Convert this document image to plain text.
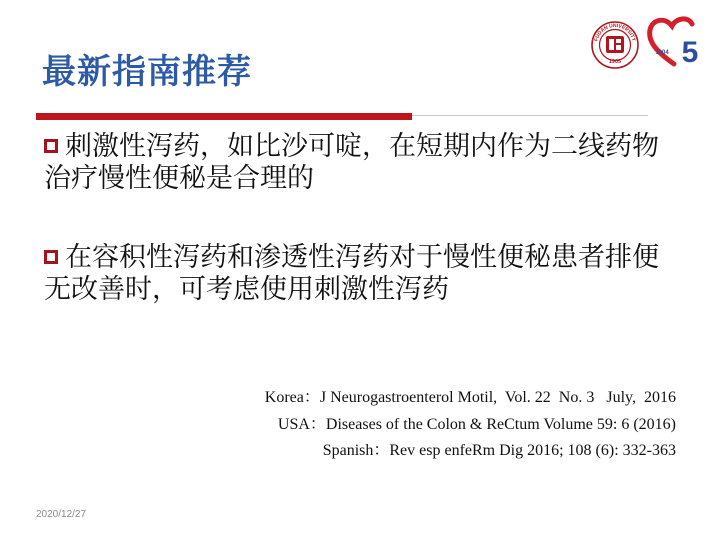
最新指南推荐
FUDAN UNIVERSITY
1905 5
1904
刺激性泻药，如比沙可啶，在短期内作为二线药物治疗慢性便秘是合理的
在容积性泻药和渗透性泻药对于慢性便秘患者排便无改善时，可考虑使用刺激性泻药
Korea：J Neurogastroenterol Motil,  Vol. 22  No. 3   July,  2016
USA：Diseases of the Colon & ReCtum Volume 59: 6 (2016)
Spanish：Rev esp enfeRm Dig 2016; 108 (6): 332-363
2020/12/27
